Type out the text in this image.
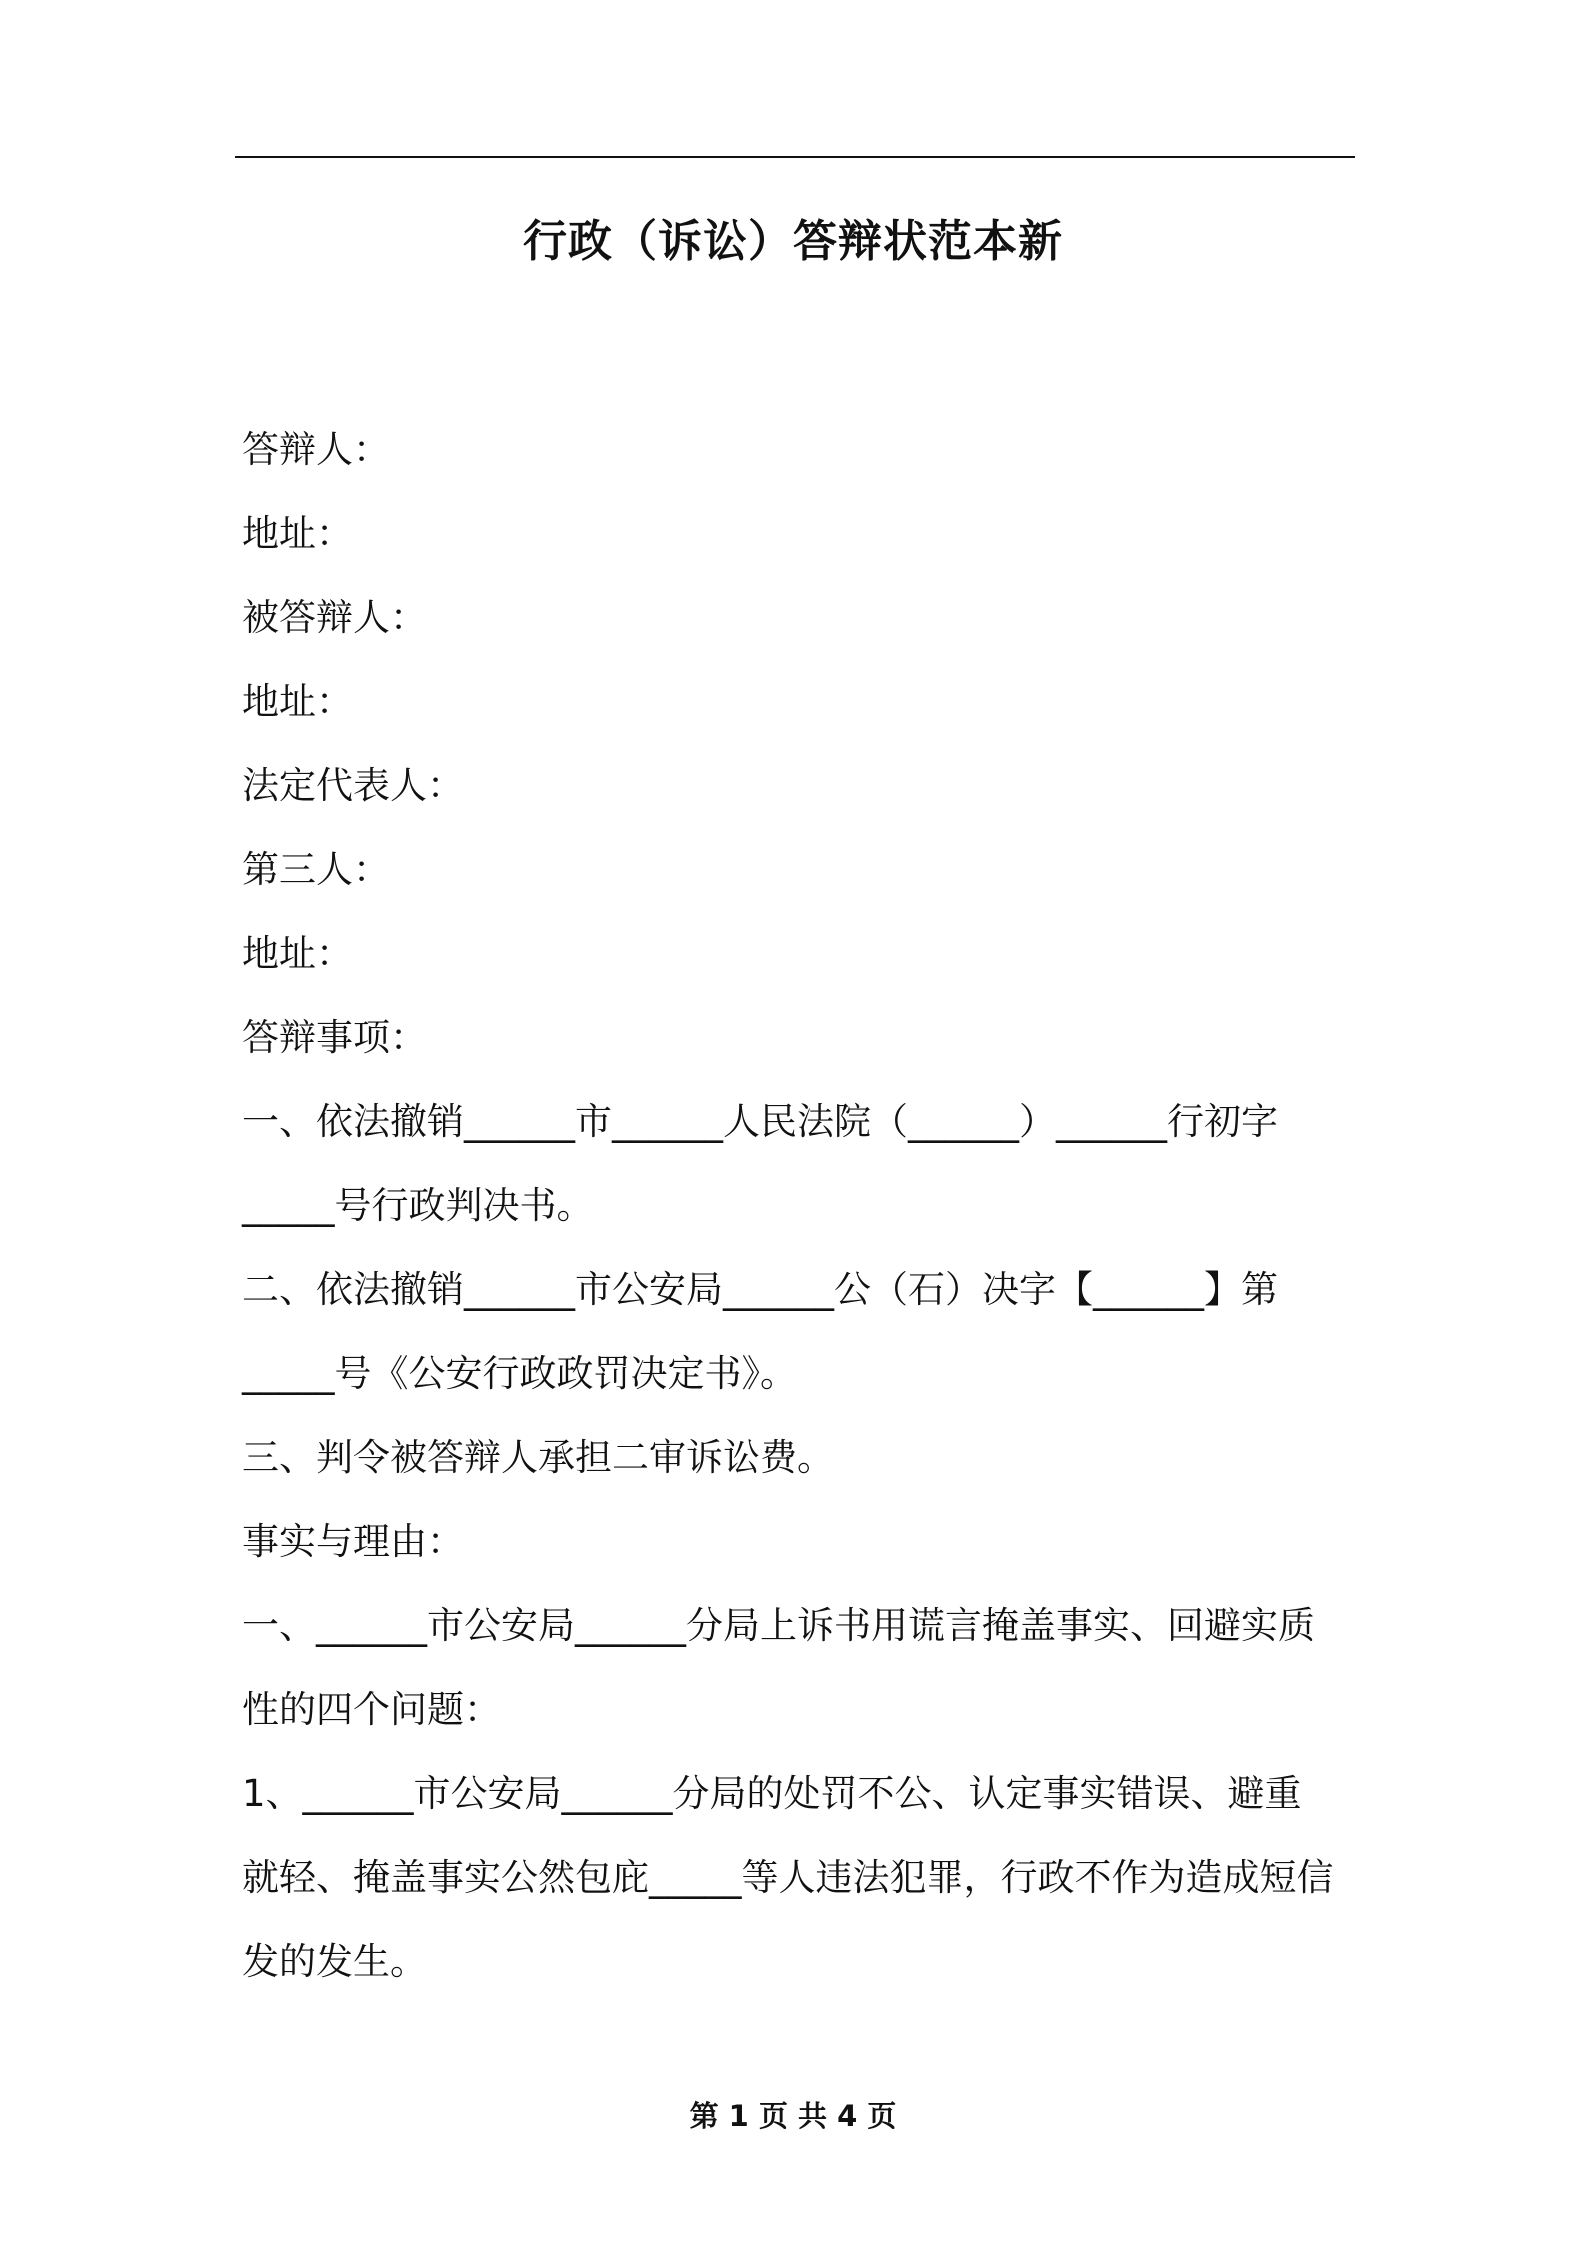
行政（诉讼）答辩状范本新
答辩人：
地址：
被答辩人：
地址：
法定代表人：
第三人：
地址：
答辩事项：
一、依法撤销______市______人民法院（______）______行初字
_____号行政判决书。
二、依法撤销______市公安局______公（石）决字【______】第
_____号《公安行政政罚决定书》。
三、判令被答辩人承担二审诉讼费。
事实与理由：
一、______市公安局______分局上诉书用谎言掩盖事实、回避实质
性的四个问题：
1、______市公安局______分局的处罚不公、认定事实错误、避重
就轻、掩盖事实公然包庇_____等人违法犯罪，行政不作为造成短信
发的发生。
第 1 页 共 4 页
